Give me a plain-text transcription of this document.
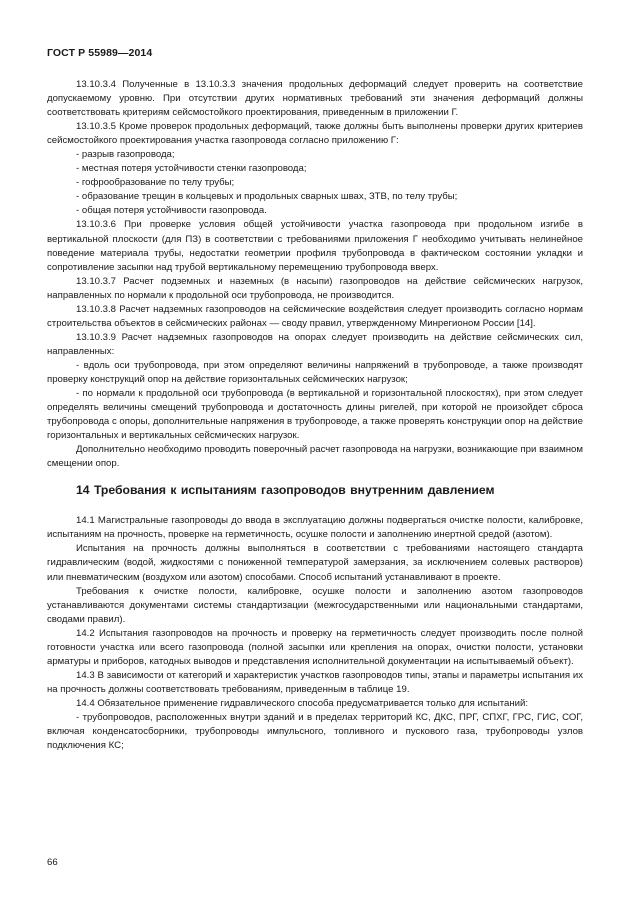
ГОСТ Р 55989—2014

13.10.3.4 Полученные в 13.10.3.3 значения продольных деформаций следует проверить на соответствие допускаемому уровню. При отсутствии других нормативных требований эти значения деформаций должны соответствовать критериям сейсмостойкого проектирования, приведенным в приложении Г.

13.10.3.5 Кроме проверок продольных деформаций, также должны быть выполнены проверки других критериев сейсмостойкого проектирования участка газопровода согласно приложению Г:

- разрыв газопровода;

- местная потеря устойчивости стенки газопровода;

- гофрообразование по телу трубы;

- образование трещин в кольцевых и продольных сварных швах, ЗТВ, по телу трубы;

- общая потеря устойчивости газопровода.

13.10.3.6 При проверке условия общей устойчивости участка газопровода при продольном изгибе в вертикальной плоскости (для ПЗ) в соответствии с требованиями приложения Г необходимо учитывать нелинейное поведение материала трубы, недостатки геометрии профиля трубопровода в фактическом состоянии укладки и сопротивление засыпки над трубой вертикальному перемещению трубопровода вверх.

13.10.3.7 Расчет подземных и наземных (в насыпи) газопроводов на действие сейсмических нагрузок, направленных по нормали к продольной оси трубопровода, не производится.

13.10.3.8 Расчет надземных газопроводов на сейсмические воздействия следует производить согласно нормам строительства объектов в сейсмических районах — своду правил, утвержденному Минрегионом России [14].

13.10.3.9 Расчет надземных газопроводов на опорах следует производить на действие сейсмических сил, направленных:

- вдоль оси трубопровода, при этом определяют величины напряжений в трубопроводе, а также производят проверку конструкций опор на действие горизонтальных сейсмических нагрузок;

- по нормали к продольной оси трубопровода (в вертикальной и горизонтальной плоскостях), при этом следует определять величины смещений трубопровода и достаточность длины ригелей, при которой не произойдет сброса трубопровода с опоры, дополнительные напряжения в трубопроводе, а также проверять конструкции опор на действие горизонтальных и вертикальных сейсмических нагрузок.

Дополнительно необходимо проводить поверочный расчет газопровода на нагрузки, возникающие при взаимном смещении опор.

14 Требования к испытаниям газопроводов внутренним давлением

14.1 Магистральные газопроводы до ввода в эксплуатацию должны подвергаться очистке полости, калибровке, испытаниям на прочность, проверке на герметичность, осушке полости и заполнению инертной средой (азотом).

Испытания на прочность должны выполняться в соответствии с требованиями настоящего стандарта гидравлическим (водой, жидкостями с пониженной температурой замерзания, за исключением солевых растворов) или пневматическим (воздухом или азотом) способами. Способ испытаний устанавливают в проекте.

Требования к очистке полости, калибровке, осушке полости и заполнению азотом газопроводов устанавливаются документами системы стандартизации (межгосударственными или национальными стандартами, сводами правил).

14.2 Испытания газопроводов на прочность и проверку на герметичность следует производить после полной готовности участка или всего газопровода (полной засыпки или крепления на опорах, очистки полости, установки арматуры и приборов, катодных выводов и представления исполнительной документации на испытываемый объект).

14.3 В зависимости от категорий и характеристик участков газопроводов типы, этапы и параметры испытания их на прочность должны соответствовать требованиям, приведенным в таблице 19.

14.4 Обязательное применение гидравлического способа предусматривается только для испытаний:

- трубопроводов, расположенных внутри зданий и в пределах территорий КС, ДКС, ПРГ, СПХГ, ГРС, ГИС, СОГ, включая конденсатосборники, трубопроводы импульсного, топливного и пускового газа, трубопроводы узлов подключения КС;

66
